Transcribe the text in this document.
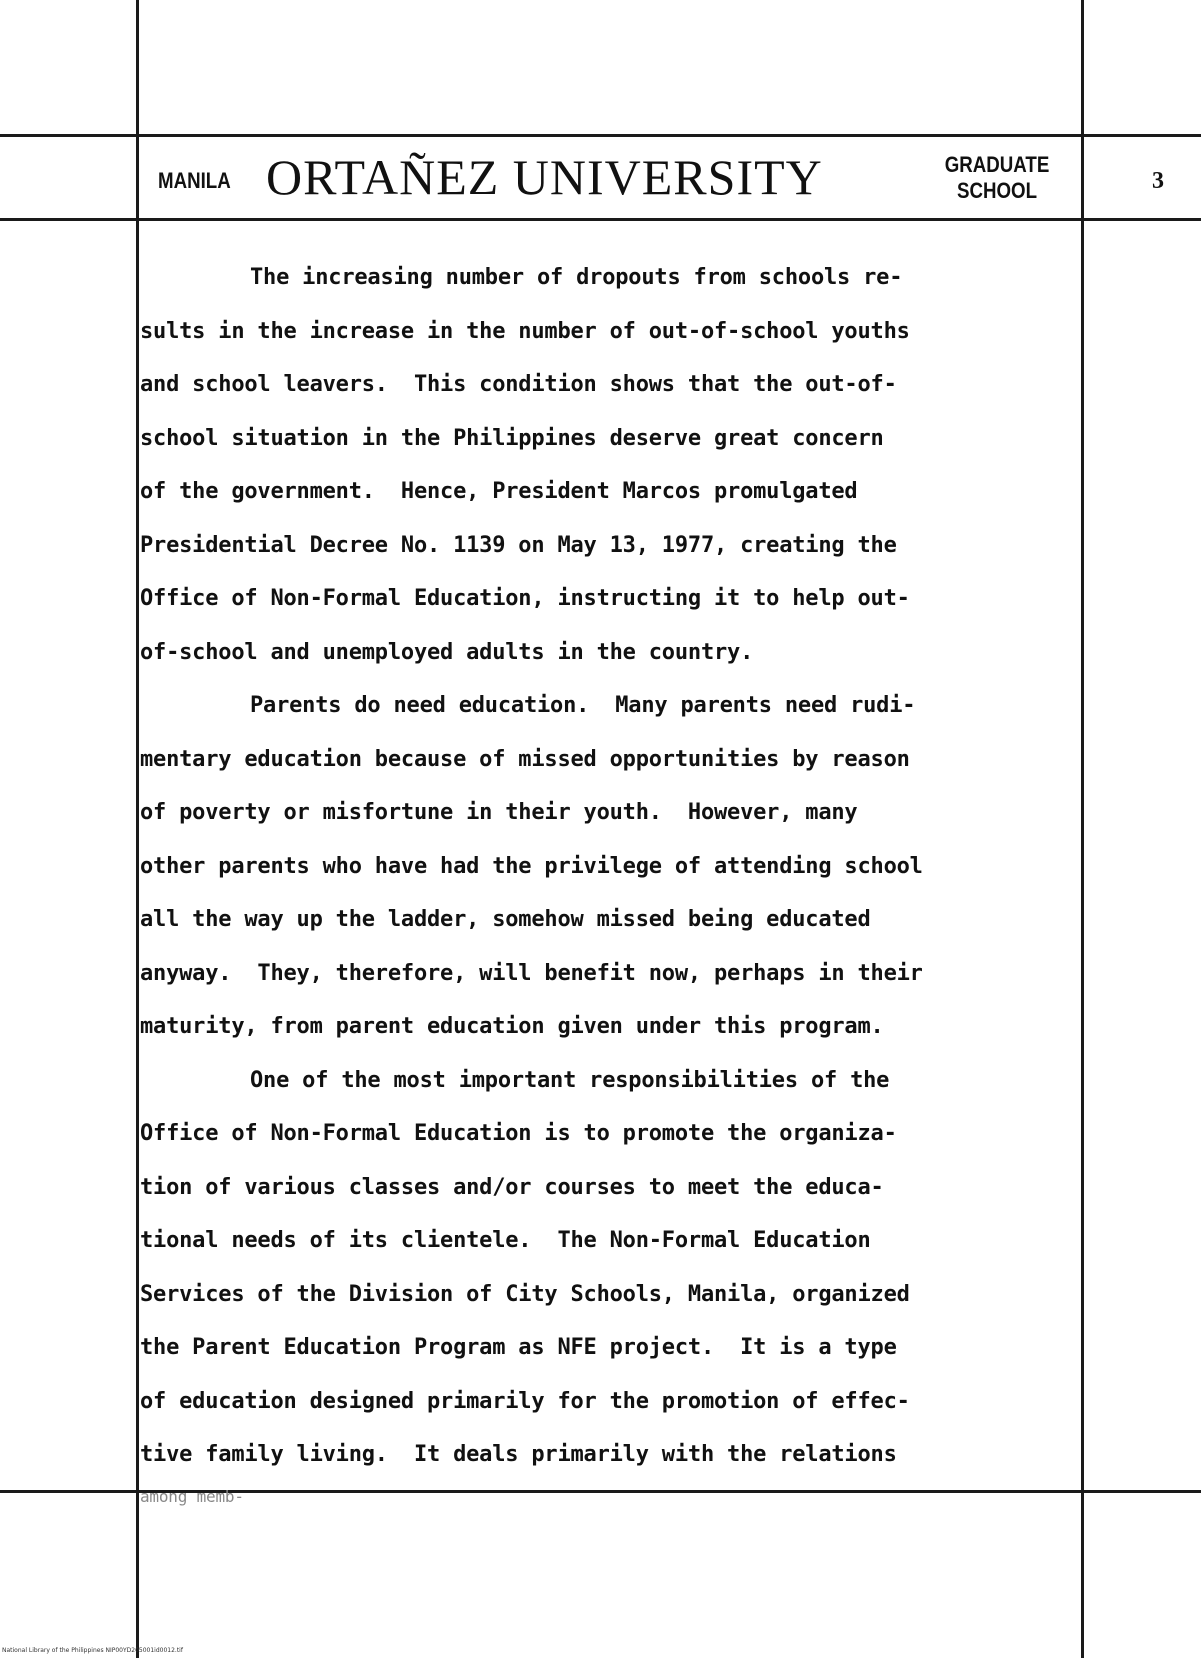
MANILA ORTAÑEZ UNIVERSITY	GRADUATE
SCHOOL	3
The increasing number of dropouts from schools re-
sults in the increase in the number of out-of-school youths
and school leavers.  This condition shows that the out-of-
school situation in the Philippines deserve great concern
of the government.  Hence, President Marcos promulgated
Presidential Decree No. 1139 on May 13, 1977, creating the
Office of Non-Formal Education, instructing it to help out-
of-school and unemployed adults in the country.
Parents do need education.  Many parents need rudi-
mentary education because of missed opportunities by reason
of poverty or misfortune in their youth.  However, many
other parents who have had the privilege of attending school
all the way up the ladder, somehow missed being educated
anyway.  They, therefore, will benefit now, perhaps in their
maturity, from parent education given under this program.
One of the most important responsibilities of the
Office of Non-Formal Education is to promote the organiza-
tion of various classes and/or courses to meet the educa-
tional needs of its clientele.  The Non-Formal Education
Services of the Division of City Schools, Manila, organized
the Parent Education Program as NFE project.  It is a type
of education designed primarily for the promotion of effec-
tive family living.  It deals primarily with the relations
among memb-
National Library of the Philippines NIP00YD205001id0012.tif
